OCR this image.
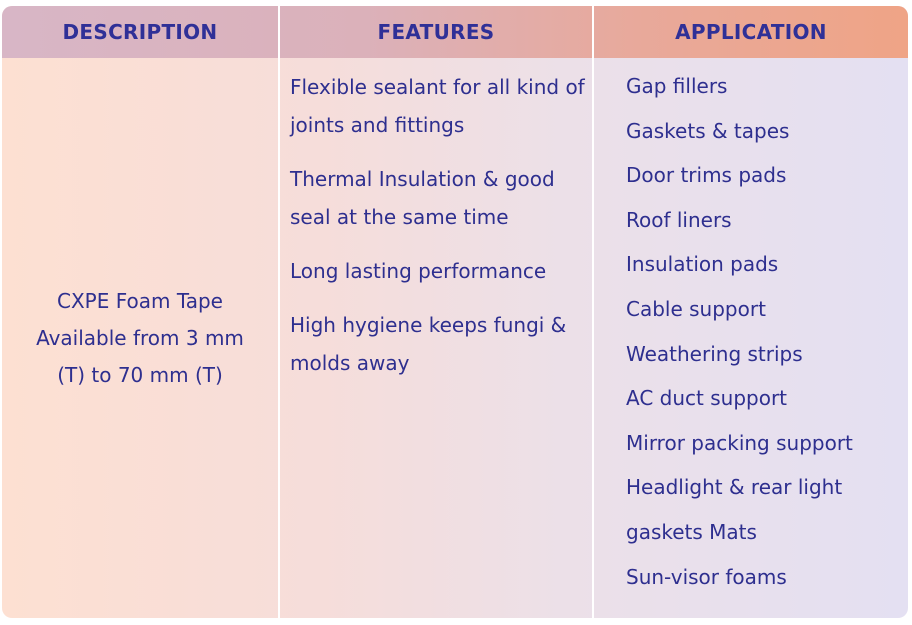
DESCRIPTION	FEATURES	APPLICATION
CXPE Foam Tape
Available from 3 mm
(T) to 70 mm (T)
Flexible sealant for all kind of joints and fittings
Thermal Insulation & good seal at the same time
Long lasting performance
High hygiene keeps fungi & molds away
Gap fillers
Gaskets & tapes
Door trims pads
Roof liners
Insulation pads
Cable support
Weathering strips
AC duct support
Mirror packing support
Headlight & rear light
gaskets Mats
Sun-visor foams
